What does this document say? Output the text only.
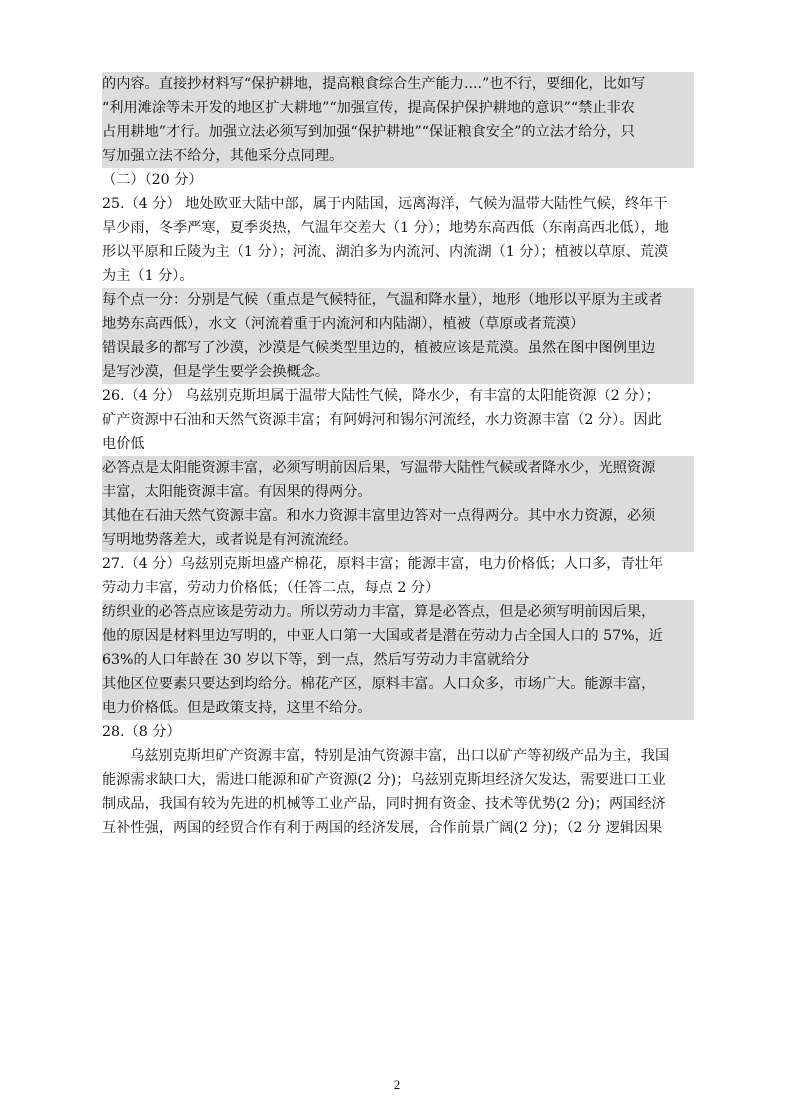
的内容。直接抄材料写“保护耕地，提高粮食综合生产能力....”也不行，要细化，比如写
“利用滩涂等未开发的地区扩大耕地”“加强宣传，提高保护保护耕地的意识”“禁止非农
占用耕地”才行。加强立法必须写到加强“保护耕地”“保证粮食安全”的立法才给分，只
写加强立法不给分，其他采分点同理。
（二）（20 分）
25.（4 分） 地处欧亚大陆中部，属于内陆国，远离海洋，气候为温带大陆性气候，终年干
旱少雨，冬季严寒，夏季炎热，气温年交差大（1 分）；地势东高西低（东南高西北低），地
形以平原和丘陵为主（1 分）；河流、湖泊多为内流河、内流湖（1 分）；植被以草原、荒漠
为主（1 分）。
每个点一分：分别是气候（重点是气候特征，气温和降水量），地形（地形以平原为主或者
地势东高西低），水文（河流着重于内流河和内陆湖），植被（草原或者荒漠）
错误最多的都写了沙漠，沙漠是气候类型里边的，植被应该是荒漠。虽然在图中图例里边
是写沙漠，但是学生要学会换概念。
26.（4 分） 乌兹别克斯坦属于温带大陆性气候，降水少，有丰富的太阳能资源（2 分）；
矿产资源中石油和天然气资源丰富；有阿姆河和锡尔河流经，水力资源丰富（2 分）。因此
电价低
必答点是太阳能资源丰富，必须写明前因后果，写温带大陆性气候或者降水少，光照资源
丰富，太阳能资源丰富。有因果的得两分。
其他在石油天然气资源丰富。和水力资源丰富里边答对一点得两分。其中水力资源，必须
写明地势落差大，或者说是有河流流经。
27.（4 分）乌兹别克斯坦盛产棉花，原料丰富；能源丰富，电力价格低；人口多，青壮年
劳动力丰富，劳动力价格低；（任答二点，每点 2 分）
纺织业的必答点应该是劳动力。所以劳动力丰富，算是必答点，但是必须写明前因后果，
他的原因是材料里边写明的，中亚人口第一大国或者是潜在劳动力占全国人口的 57%，近
63%的人口年龄在 30 岁以下等，到一点，然后写劳动力丰富就给分
其他区位要素只要达到均给分。棉花产区，原料丰富。人口众多，市场广大。能源丰富，
电力价格低。但是政策支持，这里不给分。
28.（8 分）
乌兹别克斯坦矿产资源丰富，特别是油气资源丰富，出口以矿产等初级产品为主，我国
能源需求缺口大，需进口能源和矿产资源(2 分)；乌兹别克斯坦经济欠发达，需要进口工业
制成品，我国有较为先进的机械等工业产品，同时拥有资金、技术等优势(2 分)；两国经济
互补性强，两国的经贸合作有利于两国的经济发展，合作前景广阔(2 分)；（2 分 逻辑因果
2
